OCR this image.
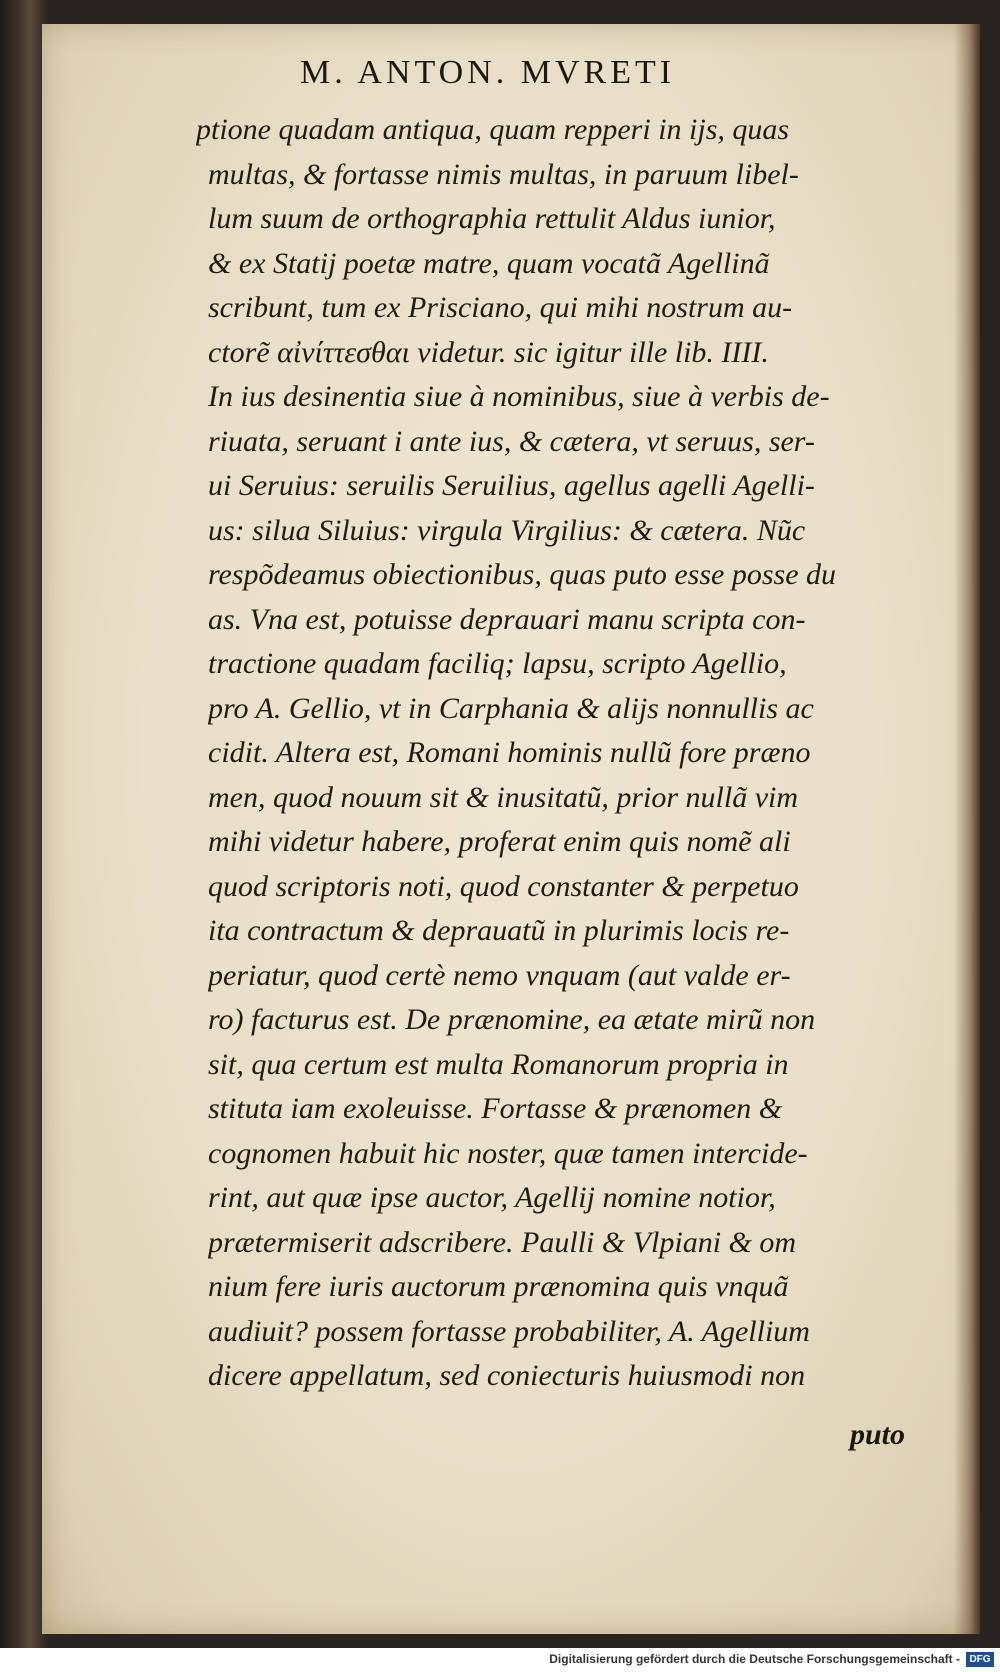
M. ANTON. MVRETI
ptione quadam antiqua, quam repperi in ijs, quas
multas, & fortasse nimis multas, in paruum libel-
lum suum de orthographia rettulit Aldus iunior,
& ex Statij poetæ matre, quam vocatã Agellinã
scribunt, tum ex Prisciano, qui mihi nostrum au-
ctorẽ αἰνίττεσθαι videtur. sic igitur ille lib. IIII.
In ius desinentia siue à nominibus, siue à verbis de-
riuata, seruant i ante ius, & cætera, vt seruus, ser-
ui Seruius: seruilis Seruilius, agellus agelli Agelli-
us: silua Siluius: virgula Virgilius: & cætera. Nũc
respõdeamus obiectionibus, quas puto esse posse du
as. Vna est, potuisse deprauari manu scripta con-
tractione quadam faciliq; lapsu, scripto Agellio,
pro A. Gellio, vt in Carphania & alijs nonnullis ac
cidit. Altera est, Romani hominis nullũ fore præno
men, quod nouum sit & inusitatũ, prior nullã vim
mihi videtur habere, proferat enim quis nomẽ ali
quod scriptoris noti, quod constanter & perpetuo
ita contractum & deprauatũ in plurimis locis re-
periatur, quod certè nemo vnquam (aut valde er-
ro) facturus est. De prænomine, ea ætate mirũ non
sit, qua certum est multa Romanorum propria in
stituta iam exoleuisse. Fortasse & prænomen &
cognomen habuit hic noster, quæ tamen intercide-
rint, aut quæ ipse auctor, Agellij nomine notior,
prætermiserit adscribere. Paulli & Vlpiani & om
nium fere iuris auctorum prænomina quis vnquã
audiuit? possem fortasse probabiliter, A. Agellium
dicere appellatum, sed coniecturis huiusmodi non
puto
Digitalisierung gefördert durch die Deutsche Forschungsgemeinschaft - DFG
